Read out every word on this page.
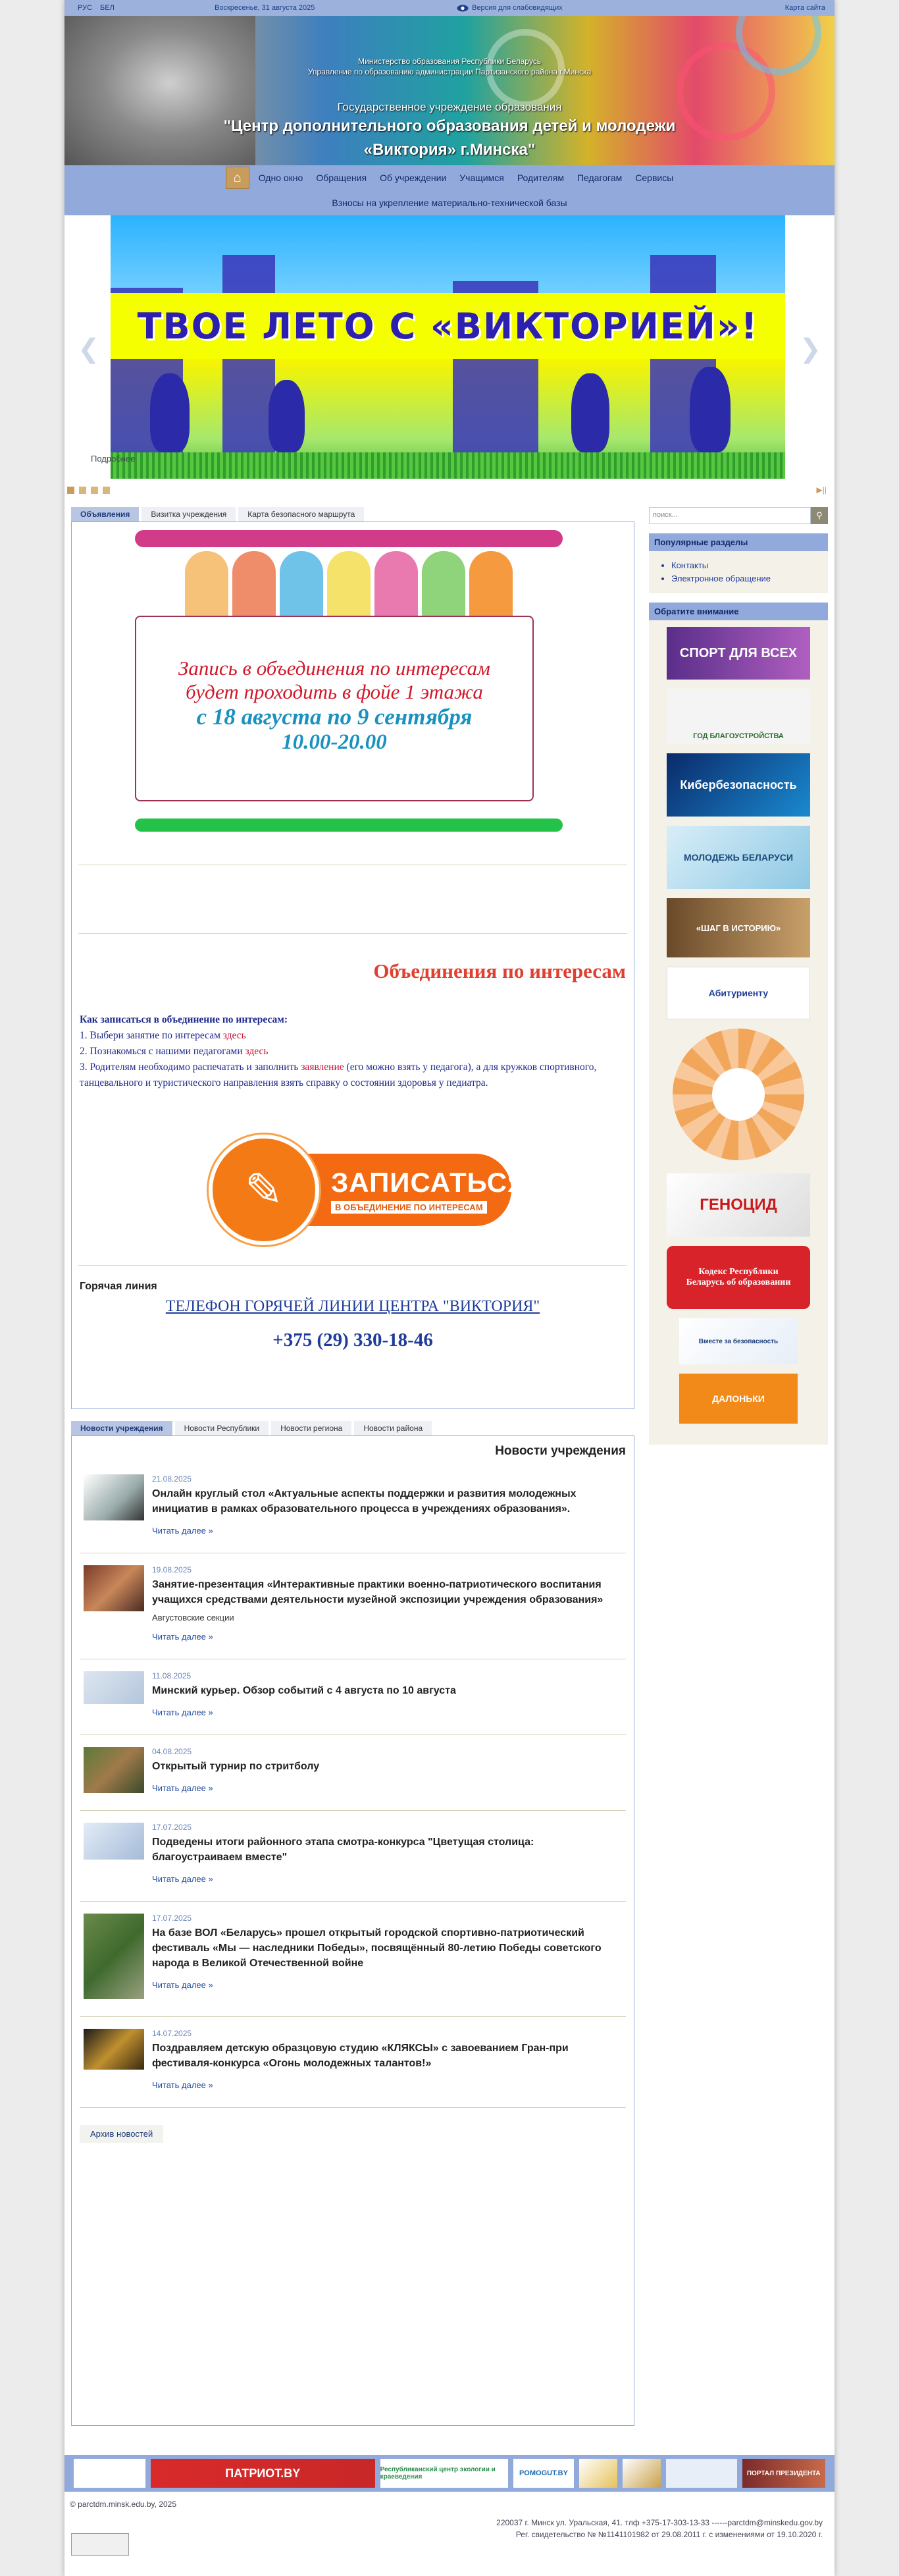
РУС БЕЛ	Воскресенье, 31 августа 2025	Версия для слабовидящих	Карта сайта
Министерство образования Республики Беларусь
Управление по образованию администрации Партизанского района г.Минска
Государственное учреждение образования
"Центр дополнительного образования детей и молодежи
«Виктория» г.Минска"
⌂ Одно окно Обращения Об учреждении Учащимся Родителям Педагогам Сервисы
Взносы на укрепление материально-технической базы
ТВОЕ ЛЕТО С «ВИКТОРИЕЙ»!
❮	❯
Подробнее
▶||
Объявления	Визитка учреждения	Карта безопасного маршрута
Запись в объединения по интересам
будет проходить в фойе 1 этажа
с 18 августа по 9 сентября
10.00-20.00
Объединения по интересам
Как записаться в объединение по интересам:
1. Выбери занятие по интересам здесь
2. Познакомься с нашими педагогами здесь
3. Родителям необходимо распечатать и заполнить заявление (его можно взять у педагога), а для кружков спортивного, танцевального и туристического направления взять справку о состоянии здоровья у педиатра.
✎	ЗАПИСАТЬСЯ
В ОБЪЕДИНЕНИЕ ПО ИНТЕРЕСАМ
Горячая линия
ТЕЛЕФОН ГОРЯЧЕЙ ЛИНИИ ЦЕНТРА "ВИКТОРИЯ"
+375 (29) 330-18-46
Новости учреждения	Новости Республики	Новости региона	Новости района
Новости учреждения
21.08.2025
Онлайн круглый стол «Актуальные аспекты поддержки и развития молодежных инициатив в рамках образовательного процесса в учреждениях образования».
Читать далее »
19.08.2025
Занятие-презентация «Интерактивные практики военно-патриотического воспитания учащихся средствами деятельности музейной экспозиции учреждения образования»
Августовские секции
Читать далее »
11.08.2025
Минский курьер. Обзор событий с 4 августа по 10 августа
Читать далее »
04.08.2025
Открытый турнир по стритболу
Читать далее »
17.07.2025
Подведены итоги районного этапа смотра-конкурса "Цветущая столица: благоустраиваем вместе"
Читать далее »
17.07.2025
На базе ВОЛ «Беларусь» прошел открытый городской спортивно-патриотический фестиваль «Мы — наследники Победы», посвящённый 80-летию Победы советского народа в Великой Отечественной войне
Читать далее »
14.07.2025
Поздравляем детскую образцовую студию «КЛЯКСЫ» с завоеванием Гран-при фестиваля-конкурса «Огонь молодежных талантов!»
Читать далее »
Архив новостей
поиск...	⚲
Популярные разделы
• Контакты
• Электронное обращение
Обратите внимание
СПОРТ ДЛЯ ВСЕХ
ГОД БЛАГОУСТРОЙСТВА
Кибербезопасность
МОЛОДЕЖЬ БЕЛАРУСИ
«ШАГ В ИСТОРИЮ»
Абитуриенту
ГЕНОЦИД
Кодекс Республики Беларусь об образовании
Вместе за безопасность
ДАЛОНЬКИ
ПАТРИОТ.BY	Республиканский центр экологии и краеведения	POMOGUT.BY	ПОРТАЛ ПРЕЗИДЕНТА
© parctdm.minsk.edu.by, 2025
220037 г. Минск ул. Уральская, 41. тлф +375-17-303-13-33 ------parctdm@minskedu.gov.by
Рег. свидетельство № №1141101982 от 29.08.2011 г. с изменениями от 19.10.2020 г.
